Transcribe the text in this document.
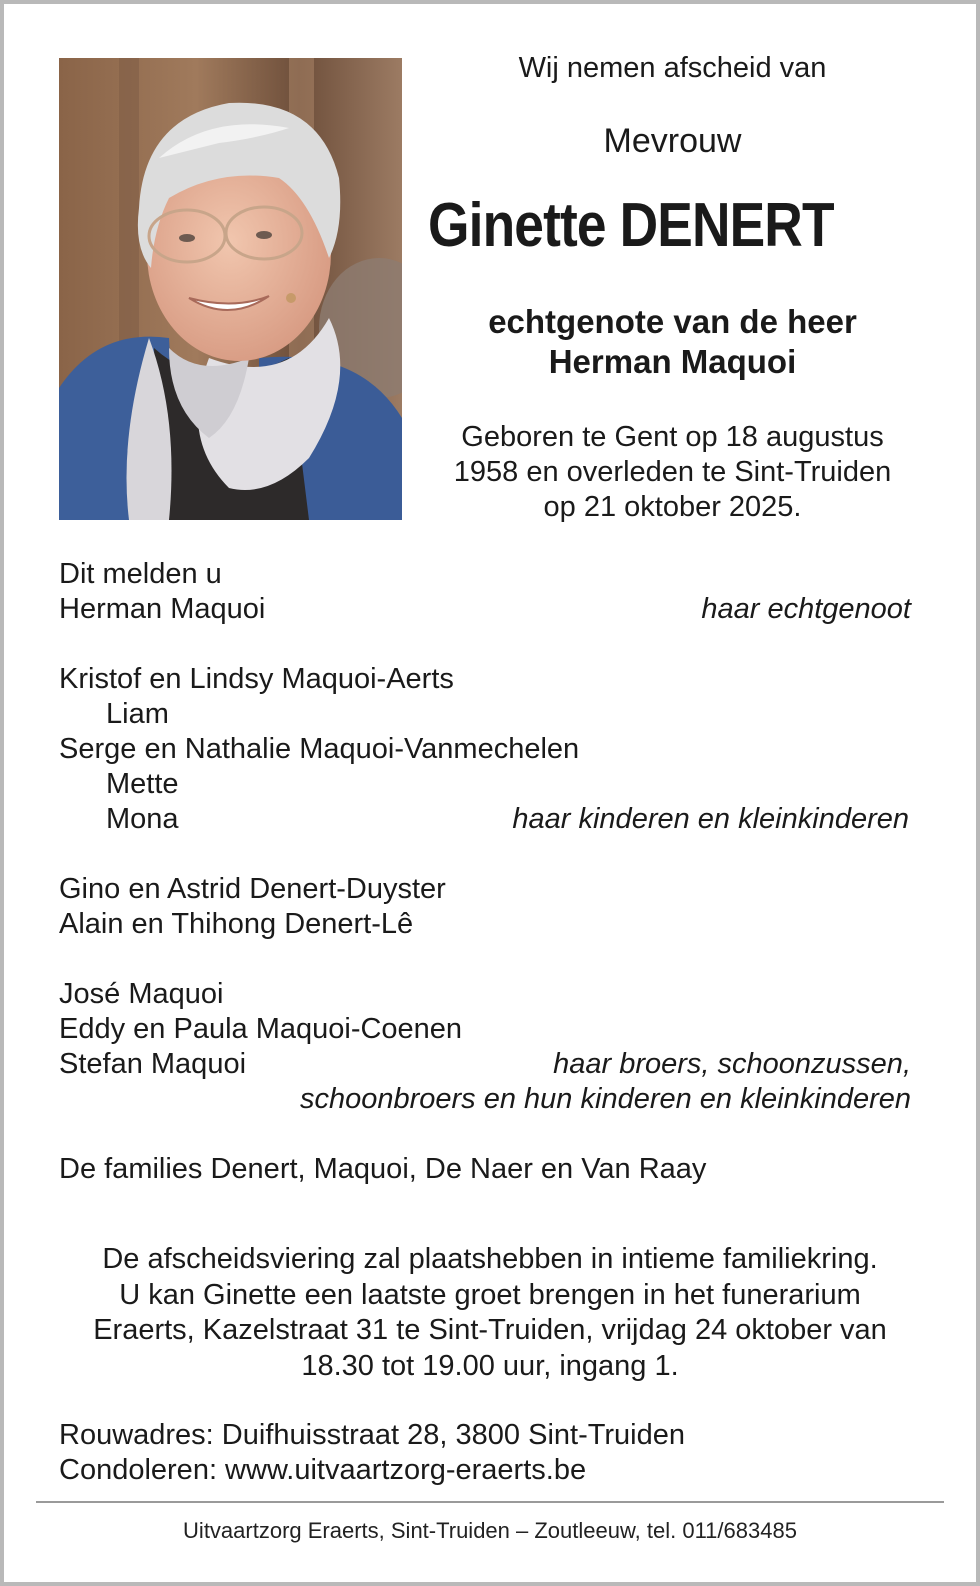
Wij nemen afscheid van
Mevrouw
Ginette DENERT
echtgenote van de heer
Herman Maquoi
Geboren te Gent op 18 augustus
1958 en overleden te Sint-Truiden
op 21 oktober 2025.
Dit melden u
Herman Maquoi	haar echtgenoot
Kristof en Lindsy Maquoi-Aerts
Liam
Serge en Nathalie Maquoi-Vanmechelen
Mette
Mona	haar kinderen en kleinkinderen
Gino en Astrid Denert-Duyster
Alain en Thihong Denert-Lê
José Maquoi
Eddy en Paula Maquoi-Coenen
Stefan Maquoi	haar broers, schoonzussen,
schoonbroers en hun kinderen en kleinkinderen
De families Denert, Maquoi, De Naer en Van Raay
De afscheidsviering zal plaatshebben in intieme familiekring.
U kan Ginette een laatste groet brengen in het funerarium
Eraerts, Kazelstraat 31 te Sint-Truiden, vrijdag 24 oktober van
18.30 tot 19.00 uur, ingang 1.
Rouwadres: Duifhuisstraat 28, 3800 Sint-Truiden
Condoleren: www.uitvaartzorg-eraerts.be
Uitvaartzorg Eraerts, Sint-Truiden – Zoutleeuw, tel. 011/683485
